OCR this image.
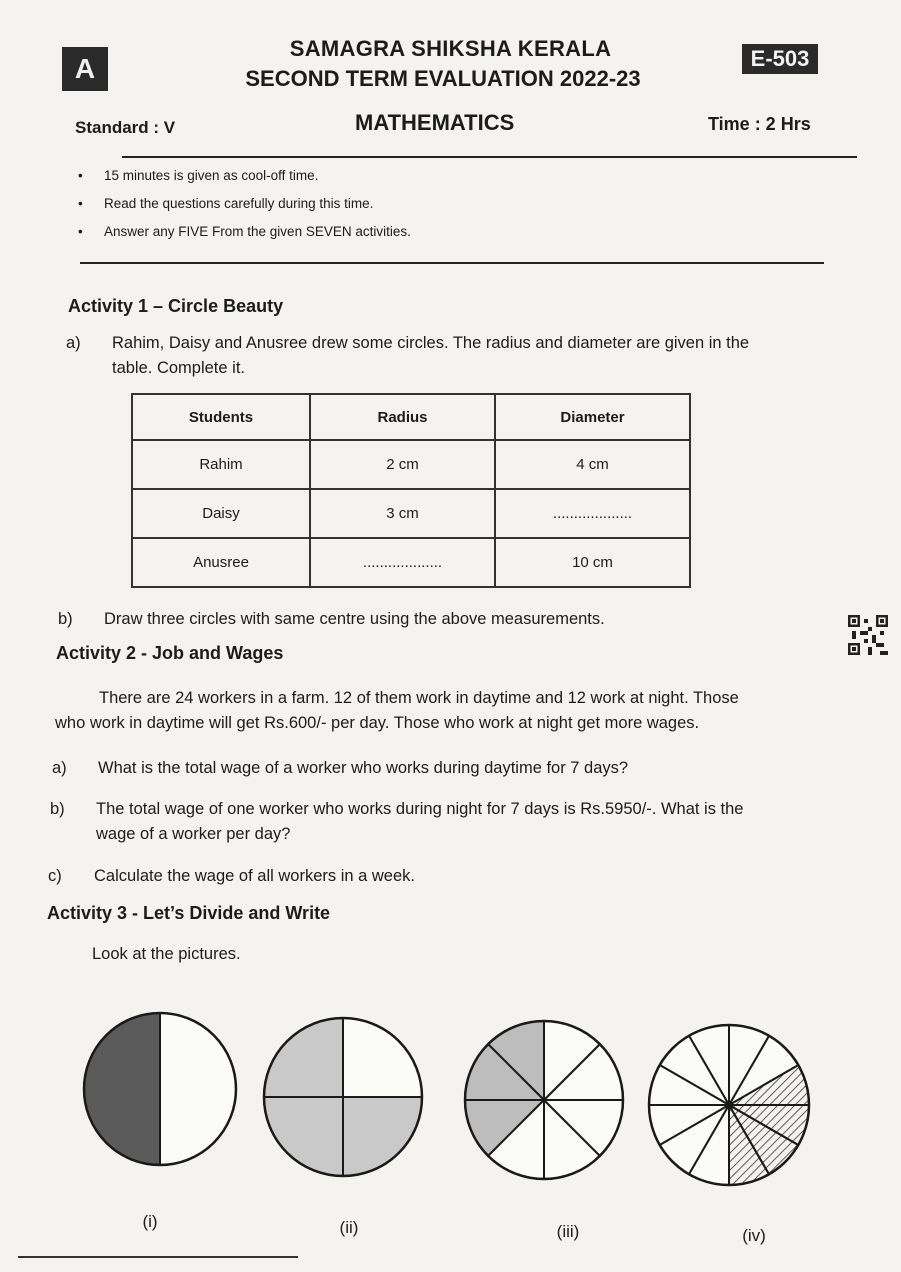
A
SAMAGRA SHIKSHA KERALA
SECOND TERM EVALUATION 2022-23
E-503
Standard : V	MATHEMATICS	Time : 2 Hrs
• 15 minutes is given as cool-off time.
• Read the questions carefully during this time.
• Answer any FIVE From the given SEVEN activities.
Activity 1 – Circle Beauty
a) Rahim, Daisy and Anusree drew some circles. The radius and diameter are given in the
table. Complete it.
Students	Radius	Diameter
Rahim	2 cm	4 cm
Daisy	3 cm	...................
Anusree	...................	10 cm
b) Draw three circles with same centre using the above measurements.
Activity 2 - Job and Wages
There are 24 workers in a farm. 12 of them work in daytime and 12 work at night. Those
who work in daytime will get Rs.600/- per day. Those who work at night get more wages.
a) What is the total wage of a worker who works during daytime for 7 days?
b) The total wage of one worker who works during night for 7 days is Rs.5950/-. What is the
wage of a worker per day?
c) Calculate the wage of all workers in a week.
Activity 3 - Let’s Divide and Write
Look at the pictures.
(i)	(ii)	(iii)	(iv)
